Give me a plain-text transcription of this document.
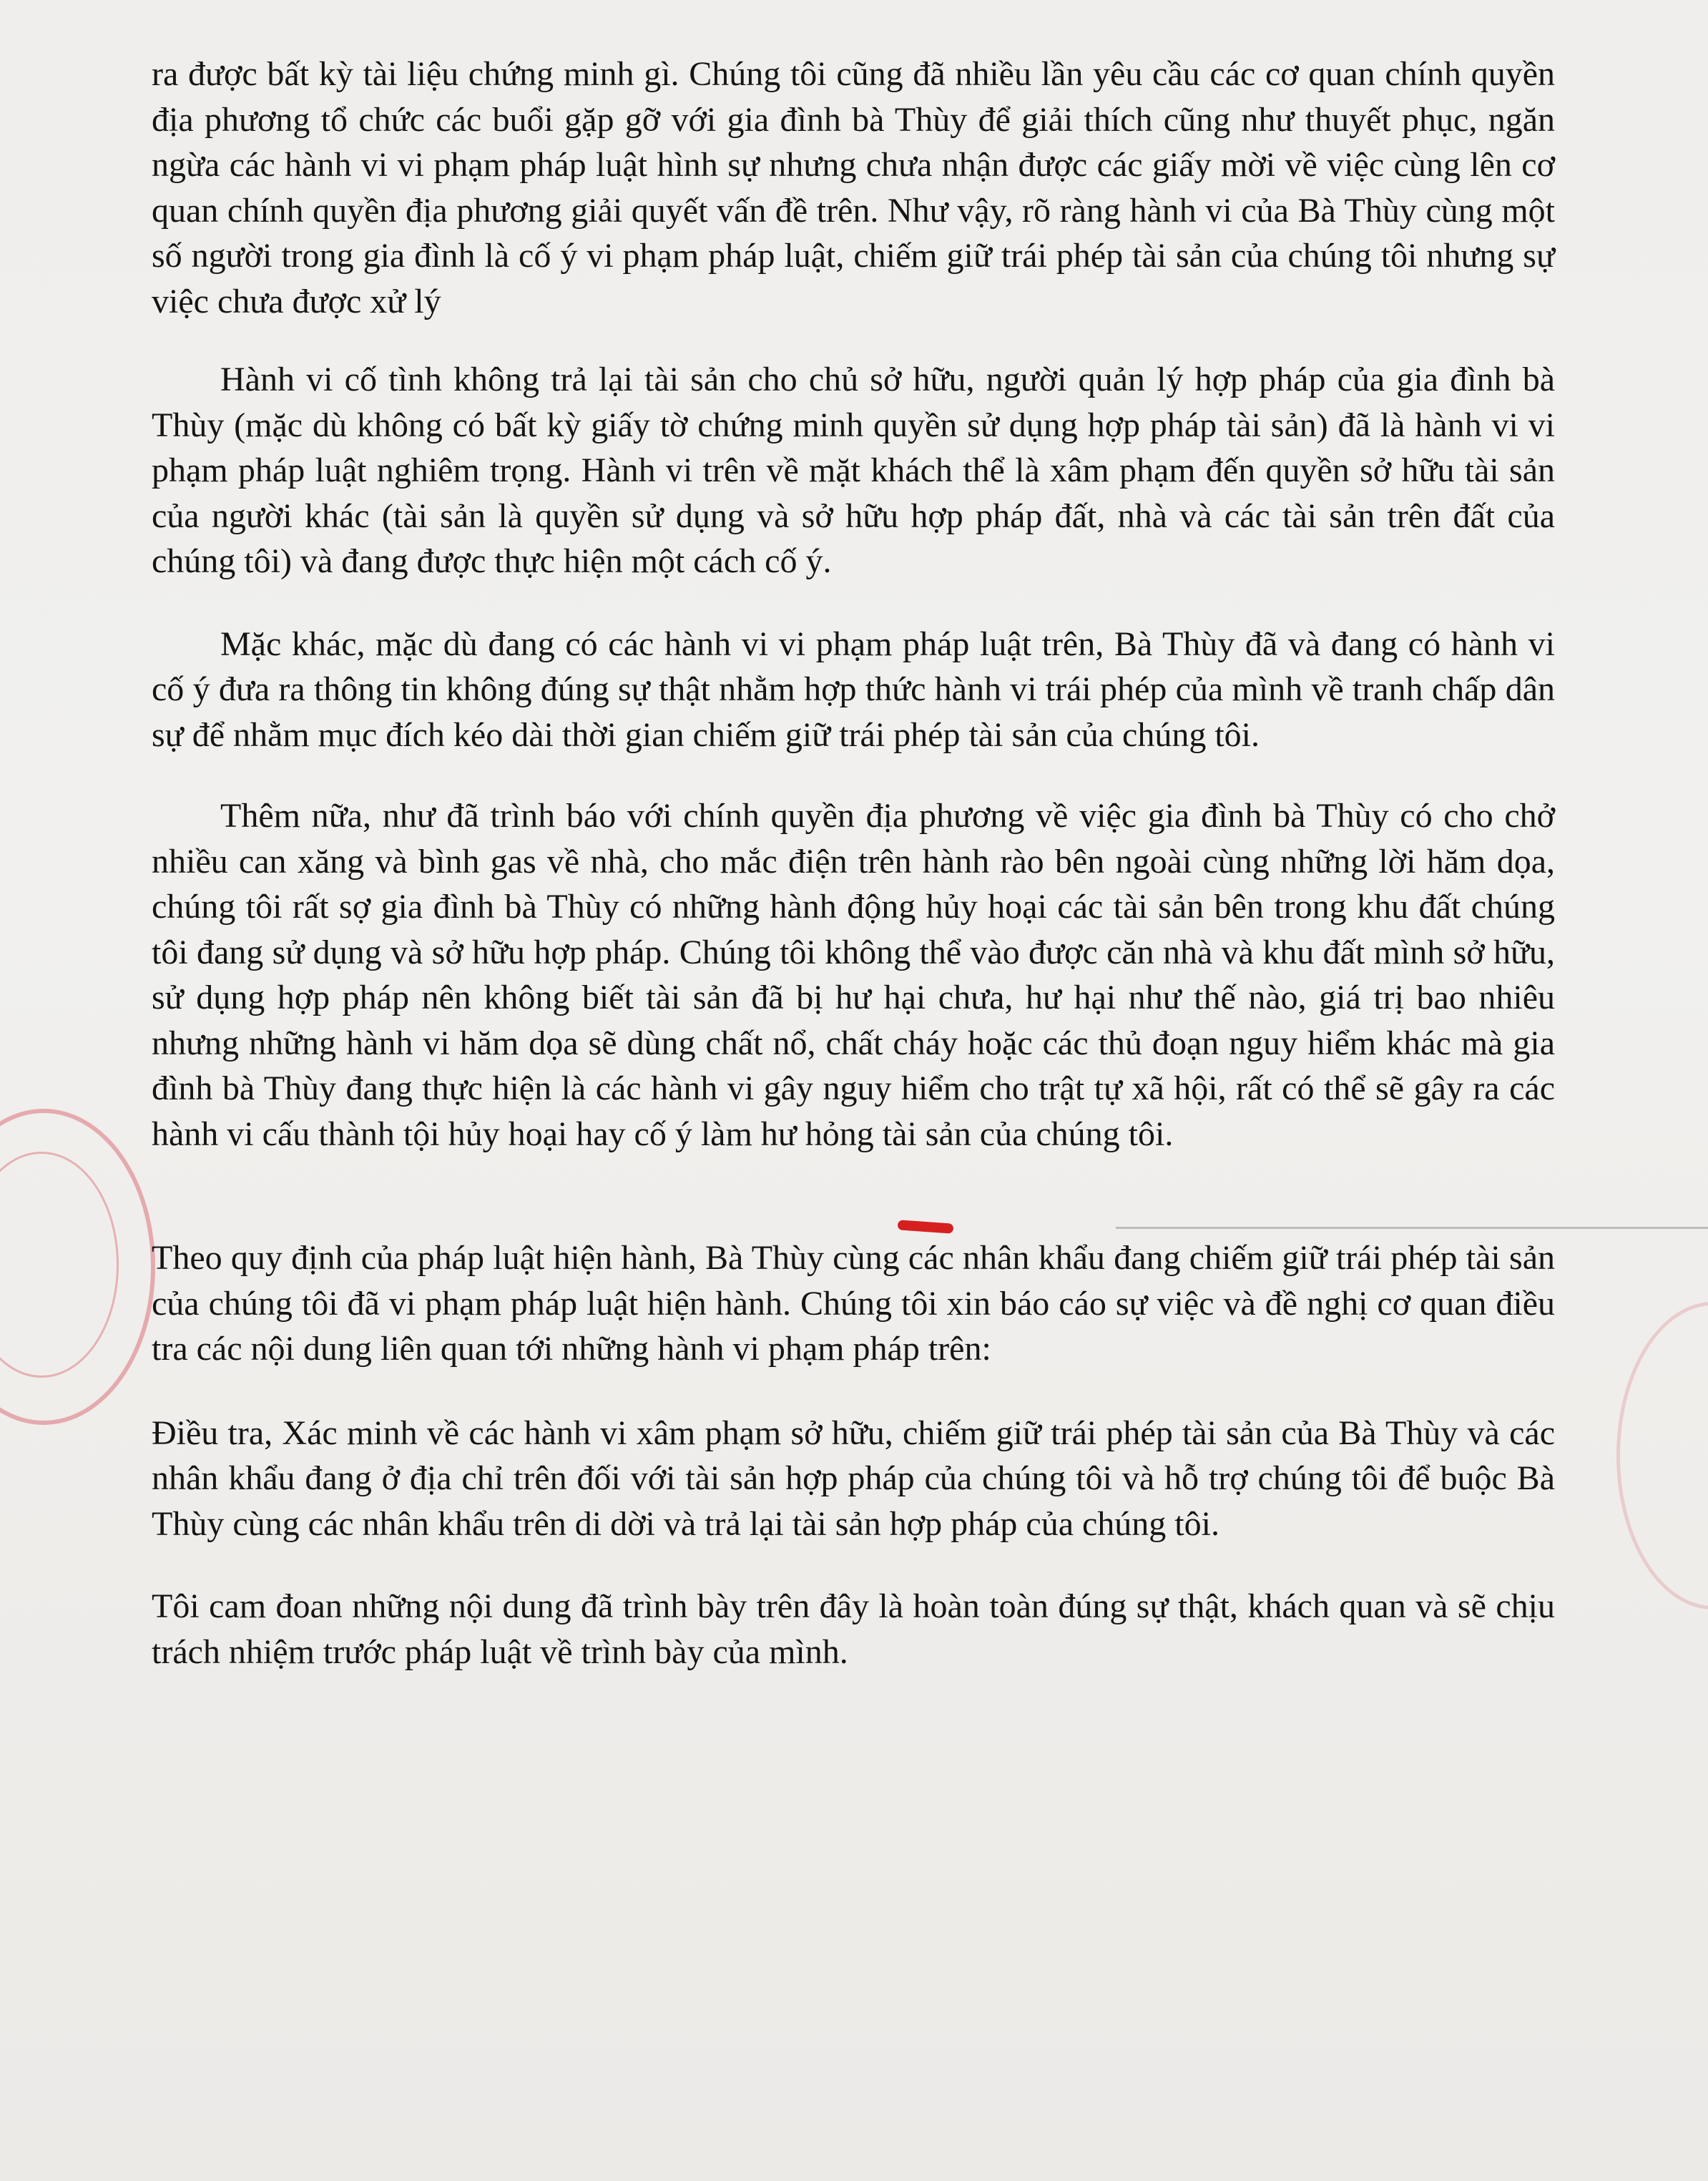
ra được bất kỳ tài liệu chứng minh gì. Chúng tôi cũng đã nhiều lần yêu cầu các cơ quan chính quyền địa phương tổ chức các buổi gặp gỡ với gia đình bà Thùy để giải thích cũng như thuyết phục, ngăn ngừa các hành vi vi phạm pháp luật hình sự nhưng chưa nhận được các giấy mời về việc cùng lên cơ quan chính quyền địa phương giải quyết vấn đề trên. Như vậy, rõ ràng hành vi của Bà Thùy cùng một số người trong gia đình là cố ý vi phạm pháp luật, chiếm giữ trái phép tài sản của chúng tôi nhưng sự việc chưa được xử lý

Hành vi cố tình không trả lại tài sản cho chủ sở hữu, người quản lý hợp pháp của gia đình bà Thùy (mặc dù không có bất kỳ giấy tờ chứng minh quyền sử dụng hợp pháp tài sản) đã là hành vi vi phạm pháp luật nghiêm trọng. Hành vi trên về mặt khách thể là xâm phạm đến quyền sở hữu tài sản của người khác (tài sản là quyền sử dụng và sở hữu hợp pháp đất, nhà và các tài sản trên đất của chúng tôi) và đang được thực hiện một cách cố ý.

Mặc khác, mặc dù đang có các hành vi vi phạm pháp luật trên, Bà Thùy đã và đang có hành vi cố ý đưa ra thông tin không đúng sự thật nhằm hợp thức hành vi trái phép của mình về tranh chấp dân sự để nhằm mục đích kéo dài thời gian chiếm giữ trái phép tài sản của chúng tôi.

Thêm nữa, như đã trình báo với chính quyền địa phương về việc gia đình bà Thùy có cho chở nhiều can xăng và bình gas về nhà, cho mắc điện trên hành rào bên ngoài cùng những lời hăm dọa, chúng tôi rất sợ gia đình bà Thùy có những hành động hủy hoại các tài sản bên trong khu đất chúng tôi đang sử dụng và sở hữu hợp pháp. Chúng tôi không thể vào được căn nhà và khu đất mình sở hữu, sử dụng hợp pháp nên không biết tài sản đã bị hư hại chưa, hư hại như thế nào, giá trị bao nhiêu nhưng những hành vi hăm dọa sẽ dùng chất nổ, chất cháy hoặc các thủ đoạn nguy hiểm khác mà gia đình bà Thùy đang thực hiện là các hành vi gây nguy hiểm cho trật tự xã hội, rất có thể sẽ gây ra các hành vi cấu thành tội hủy hoại hay cố ý làm hư hỏng tài sản của chúng tôi.

Theo quy định của pháp luật hiện hành, Bà Thùy cùng các nhân khẩu đang chiếm giữ trái phép tài sản của chúng tôi đã vi phạm pháp luật hiện hành. Chúng tôi xin báo cáo sự việc và đề nghị cơ quan điều tra các nội dung liên quan tới những hành vi phạm pháp trên:

Điều tra, Xác minh về các hành vi xâm phạm sở hữu, chiếm giữ trái phép tài sản của Bà Thùy và các nhân khẩu đang ở địa chỉ trên đối với tài sản hợp pháp của chúng tôi và hỗ trợ chúng tôi để buộc Bà Thùy cùng các nhân khẩu trên di dời và trả lại tài sản hợp pháp của chúng tôi.

Tôi cam đoan những nội dung đã trình bày trên đây là hoàn toàn đúng sự thật, khách quan và sẽ chịu trách nhiệm trước pháp luật về trình bày của mình.
